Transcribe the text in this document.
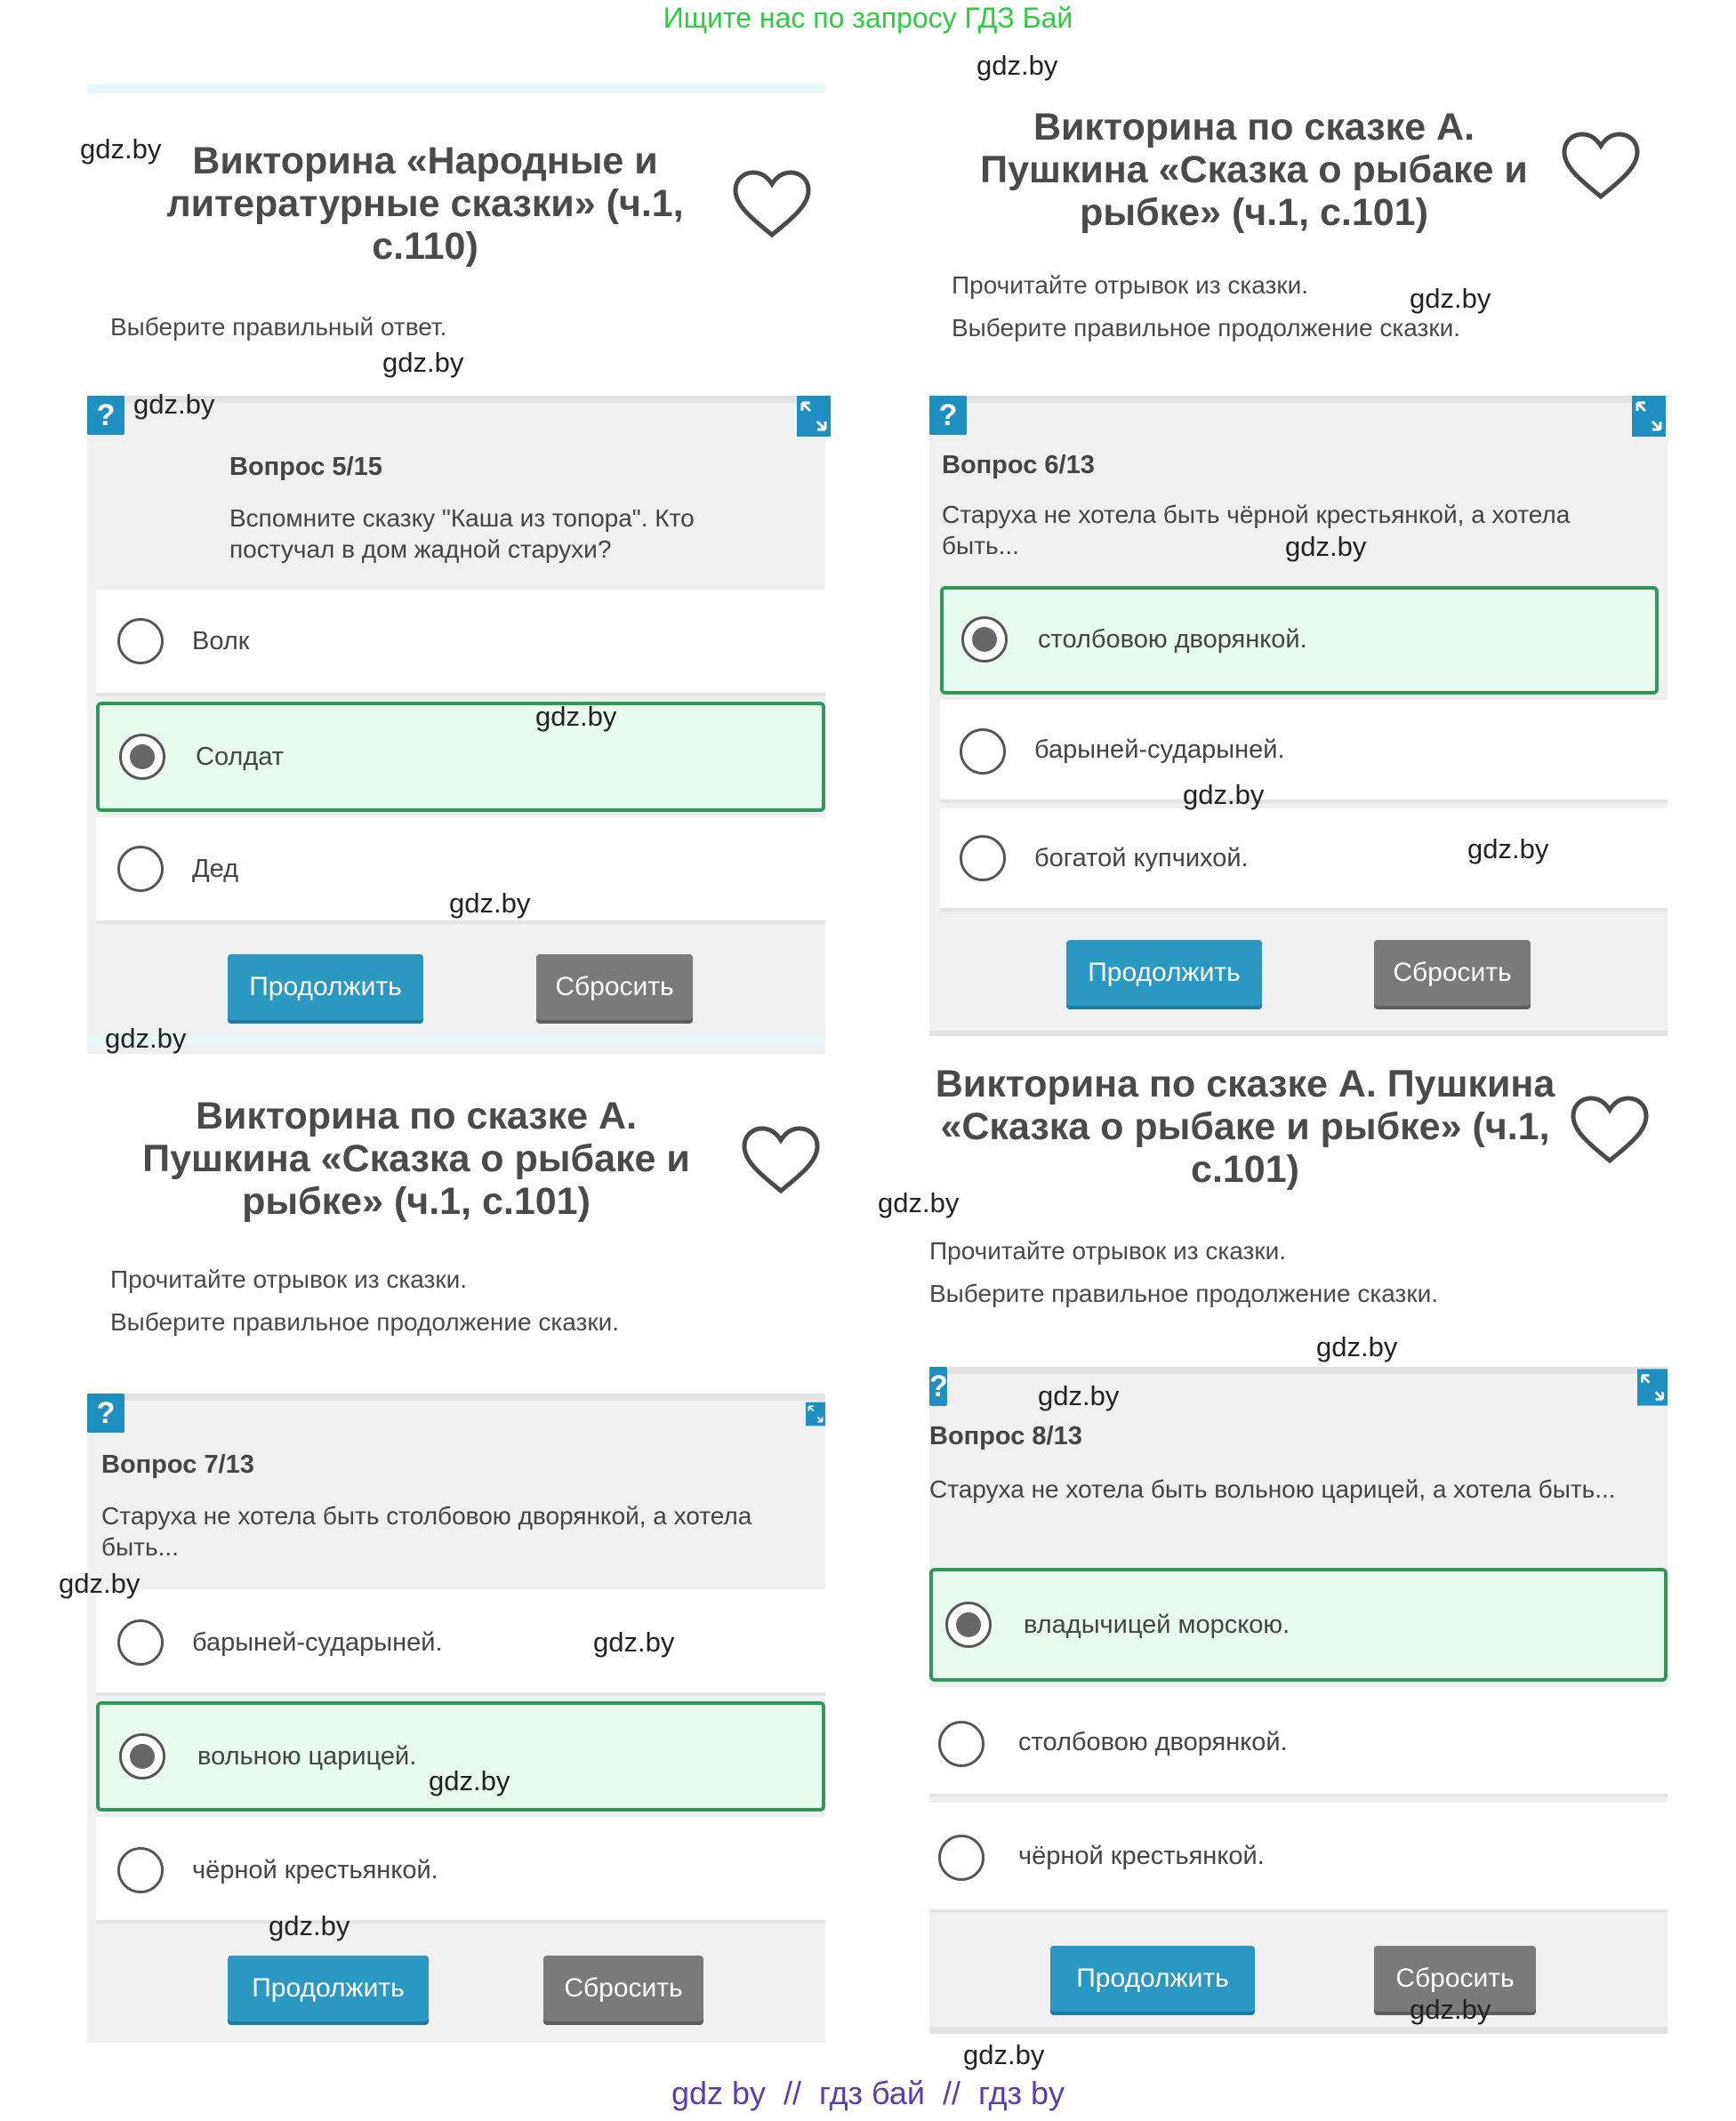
Ищите нас по запросу ГДЗ Бай
Викторина «Народные и литературные сказки» (ч.1, с.110)
Выберите правильный ответ.
?
Вопрос 5/15
Вспомните сказку "Каша из топора". Кто постучал в дом жадной старухи?
Волк
Солдат
Дед
Продолжить	Сбросить
Викторина по сказке А. Пушкина «Сказка о рыбаке и рыбке» (ч.1, с.101)
Прочитайте отрывок из сказки.
Выберите правильное продолжение сказки.
?
Вопрос 6/13
Старуха не хотела быть чёрной крестьянкой, а хотела быть...
столбовою дворянкой.
барыней-сударыней.
богатой купчихой.
Продолжить	Сбросить
Викторина по сказке А. Пушкина «Сказка о рыбаке и рыбке» (ч.1, с.101)
Прочитайте отрывок из сказки.
Выберите правильное продолжение сказки.
?
Вопрос 7/13
Старуха не хотела быть столбовою дворянкой, а хотела быть...
барыней-сударыней.
вольною царицей.
чёрной крестьянкой.
Продолжить	Сбросить
Викторина по сказке А. Пушкина «Сказка о рыбаке и рыбке» (ч.1, с.101)
Прочитайте отрывок из сказки.
Выберите правильное продолжение сказки.
?
Вопрос 8/13
Старуха не хотела быть вольною царицей, а хотела быть...
владычицей морскою.
столбовою дворянкой.
чёрной крестьянкой.
Продолжить	Сбросить
gdz.by
gdz.by
gdz.by
gdz.by
gdz.by
gdz.by
gdz.by
gdz.by
gdz.by
gdz.by
gdz.by
gdz.by
gdz.by
gdz.by
gdz.by
gdz.by
gdz.by
gdz.by
gdz.by
gdz.by
gdz by  //  гдз бай  //  гдз by
